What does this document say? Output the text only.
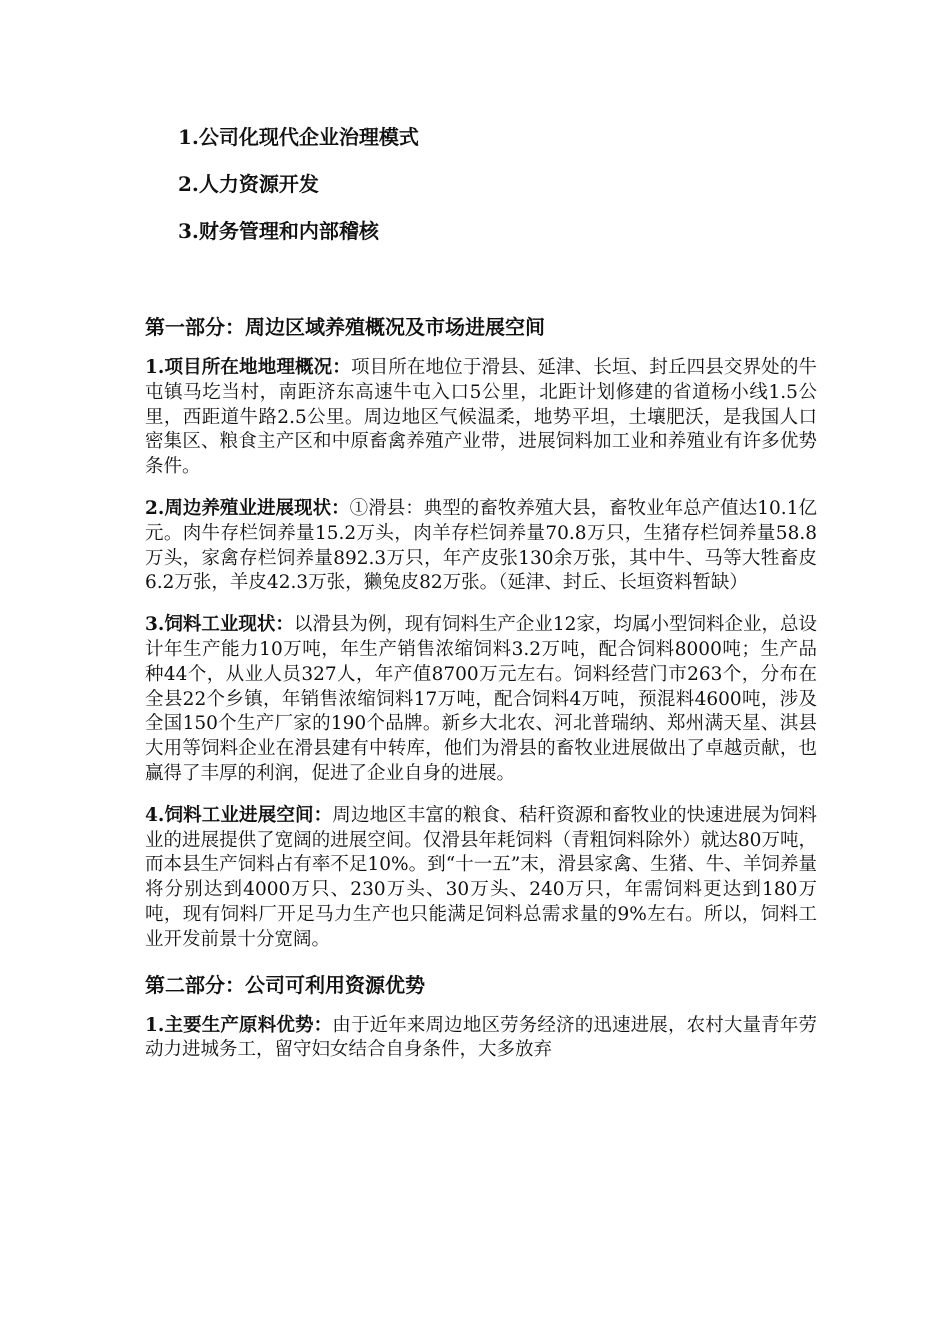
1.公司化现代企业治理模式
2.人力资源开发
3.财务管理和内部稽核
第一部分：周边区域养殖概况及市场进展空间

1.项目所在地地理概况：项目所在地位于滑县、延津、长垣、封丘四县交界处的牛屯镇马圪当村，南距济东高速牛屯入口5公里，北距计划修建的省道杨小线1.5公里，西距道牛路2.5公里。周边地区气候温柔，地势平坦，土壤肥沃，是我国人口密集区、粮食主产区和中原畜禽养殖产业带，进展饲料加工业和养殖业有许多优势条件。

2.周边养殖业进展现状：①滑县：典型的畜牧养殖大县，畜牧业年总产值达10.1亿元。肉牛存栏饲养量15.2万头，肉羊存栏饲养量70.8万只，生猪存栏饲养量58.8万头，家禽存栏饲养量892.3万只，年产皮张130余万张，其中牛、马等大牲畜皮6.2万张，羊皮42.3万张，獭兔皮82万张。（延津、封丘、长垣资料暂缺）

3.饲料工业现状：以滑县为例，现有饲料生产企业12家，均属小型饲料企业，总设计年生产能力10万吨，年生产销售浓缩饲料3.2万吨，配合饲料8000吨；生产品种44个，从业人员327人，年产值8700万元左右。饲料经营门市263个，分布在全县22个乡镇，年销售浓缩饲料17万吨，配合饲料4万吨，预混料4600吨，涉及全国150个生产厂家的190个品牌。新乡大北农、河北普瑞纳、郑州满天星、淇县大用等饲料企业在滑县建有中转库，他们为滑县的畜牧业进展做出了卓越贡献，也赢得了丰厚的利润，促进了企业自身的进展。

4.饲料工业进展空间：周边地区丰富的粮食、秸秆资源和畜牧业的快速进展为饲料业的进展提供了宽阔的进展空间。仅滑县年耗饲料（青粗饲料除外）就达80万吨，而本县生产饲料占有率不足10%。到“十一五”末，滑县家禽、生猪、牛、羊饲养量将分别达到4000万只、230万头、30万头、240万只，年需饲料更达到180万吨，现有饲料厂开足马力生产也只能满足饲料总需求量的9%左右。所以，饲料工业开发前景十分宽阔。

第二部分：公司可利用资源优势

1.主要生产原料优势：由于近年来周边地区劳务经济的迅速进展，农村大量青年劳动力进城务工，留守妇女结合自身条件，大多放弃
